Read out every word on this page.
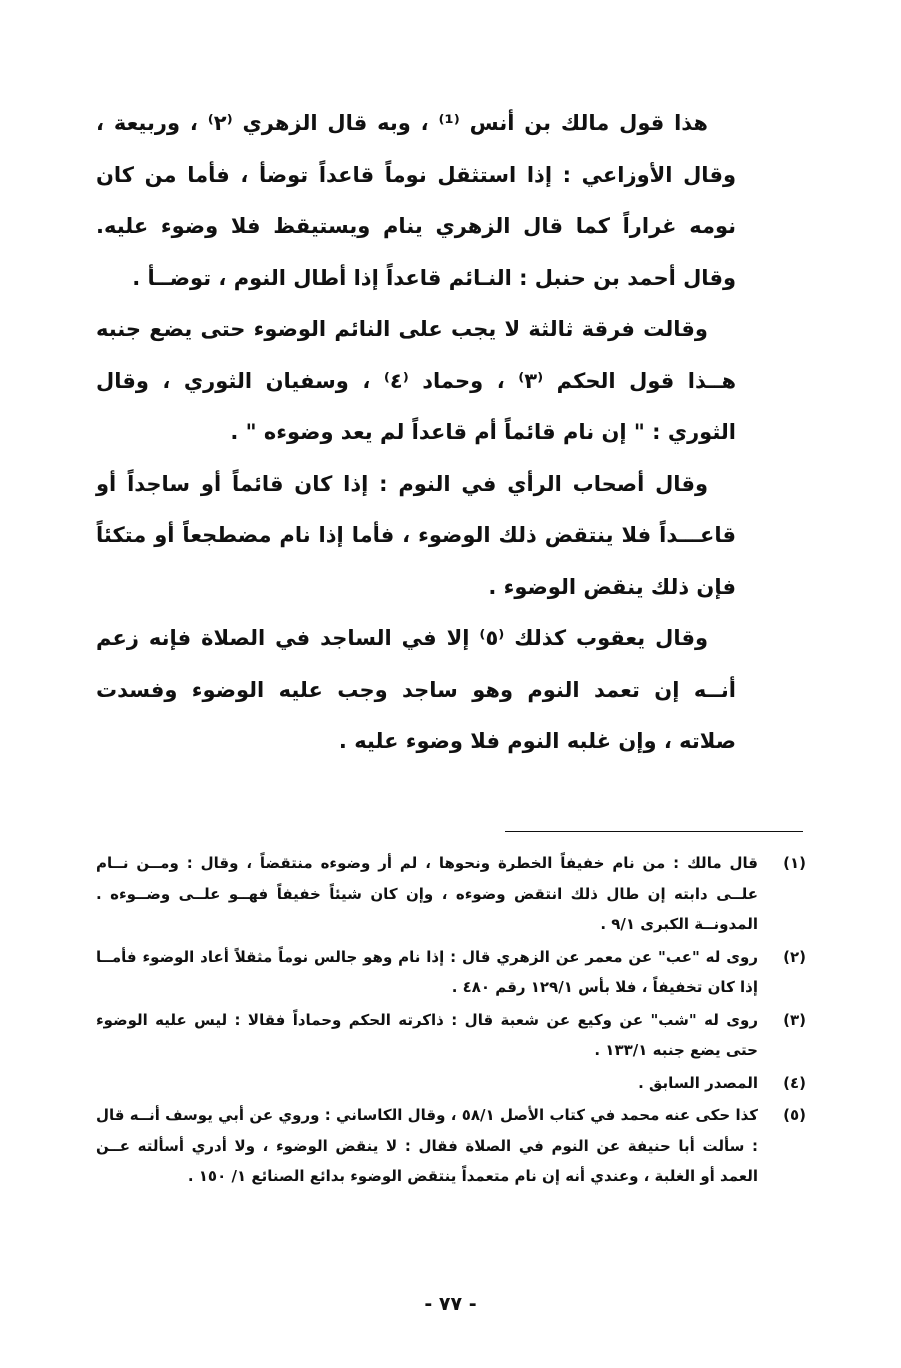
هذا قول مالك بن أنس ⁽¹⁾ ، وبه قال الزهري ⁽٢⁾ ، وربيعة ، وقال الأوزاعي : إذا استثقل نوماً قاعداً توضأ ، فأما من كان نومه غراراً كما قال الزهري ينام ويستيقظ فلا وضوء عليه. وقال أحمد بن حنبل : النـائم قاعداً إذا أطال النوم ، توضــأ .

وقالت فرقة ثالثة لا يجب على النائم الوضوء حتى يضع جنبه هــذا قول الحكم ⁽٣⁾ ، وحماد ⁽٤⁾ ، وسفيان الثوري ، وقال الثوري : " إن نام قائماً أم قاعداً لم يعد وضوءه " .

وقال أصحاب الرأي في النوم : إذا كان قائماً أو ساجداً أو قاعـــداً فلا ينتقض ذلك الوضوء ، فأما إذا نام مضطجعاً أو متكئاً فإن ذلك ينقض الوضوء .

وقال يعقوب كذلك ⁽٥⁾ إلا في الساجد في الصلاة فإنه زعم أنــه إن تعمد النوم وهو ساجد وجب عليه الوضوء وفسدت صلاته ، وإن غلبه النوم فلا وضوء عليه .

(١)
قال مالك : من نام خفيفاً الخطرة ونحوها ، لم أر وضوءه منتقضاً ، وقال : ومــن نــام علــى دابته إن طال ذلك انتقض وضوءه ، وإن كان شيئاً خفيفاً فهــو علــى وضــوءه . المدونــة الكبرى ٩/١ .
(٢)
روى له "عب" عن معمر عن الزهري قال : إذا نام وهو جالس نوماً مثقلاً أعاد الوضوء فأمــا إذا كان تخفيفاً ، فلا بأس ١٢٩/١ رقم ٤٨٠ .
(٣)
روى له "شب" عن وكيع عن شعبة قال : ذاكرته الحكم وحماداً فقالا : ليس عليه الوضوء حتى يضع جنبه ١٣٣/١ .
(٤)
المصدر السابق .
(٥)
كذا حكى عنه محمد في كتاب الأصل ٥٨/١ ، وقال الكاساني : وروي عن أبي يوسف أنــه قال : سألت أبا حنيفة عن النوم في الصلاة فقال : لا ينقض الوضوء ، ولا أدري أسألته عــن العمد أو الغلبة ، وعندي أنه إن نام متعمداً ينتقض الوضوء بدائع الصنائع ١/ ١٥٠ .
- ٧٧ -
